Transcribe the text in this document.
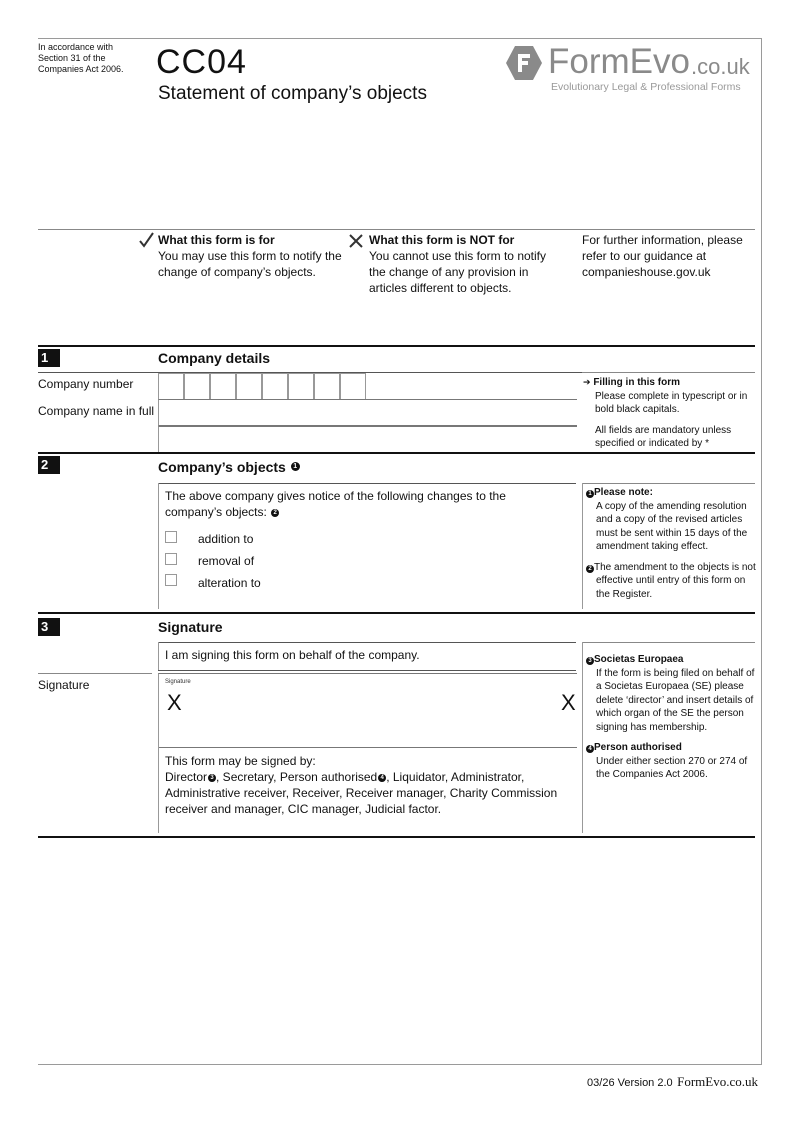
In accordance with Section 31 of the Companies Act 2006. CC04
Statement of company’s objects
FormEvo .co.uk
Evolutionary Legal & Professional Forms
What this form is for
You may use this form to notify the change of company’s objects.
What this form is NOT for
You cannot use this form to notify the change of any provision in articles different to objects.
For further information, please refer to our guidance at companieshouse.gov.uk
1	Company details
Company number
Company name in full
➔ Filling in this form
Please complete in typescript or in bold black capitals.
All fields are mandatory unless specified or indicated by *
2	Company’s objects 1
The above company gives notice of the following changes to the company’s objects: 2
addition to
removal of
alteration to
1 Please note:
A copy of the amending resolution and a copy of the revised articles must be sent within 15 days of the amendment taking effect.
2 The amendment to the objects is not effective until entry of this form on the Register.
3	Signature
I am signing this form on behalf of the company.
Signature	Signature
X	X
This form may be signed by:
Director 3 , Secretary, Person authorised 4 , Liquidator, Administrator, Administrative receiver, Receiver, Receiver manager, Charity Commission receiver and manager, CIC manager, Judicial factor.
3 Societas Europaea
If the form is being filed on behalf of a Societas Europaea (SE) please delete ‘director’ and insert details of which organ of the SE the person signing has membership.
4 Person authorised
Under either section 270 or 274 of the Companies Act 2006.
03/26 Version 2.0 FormEvo.co.uk
